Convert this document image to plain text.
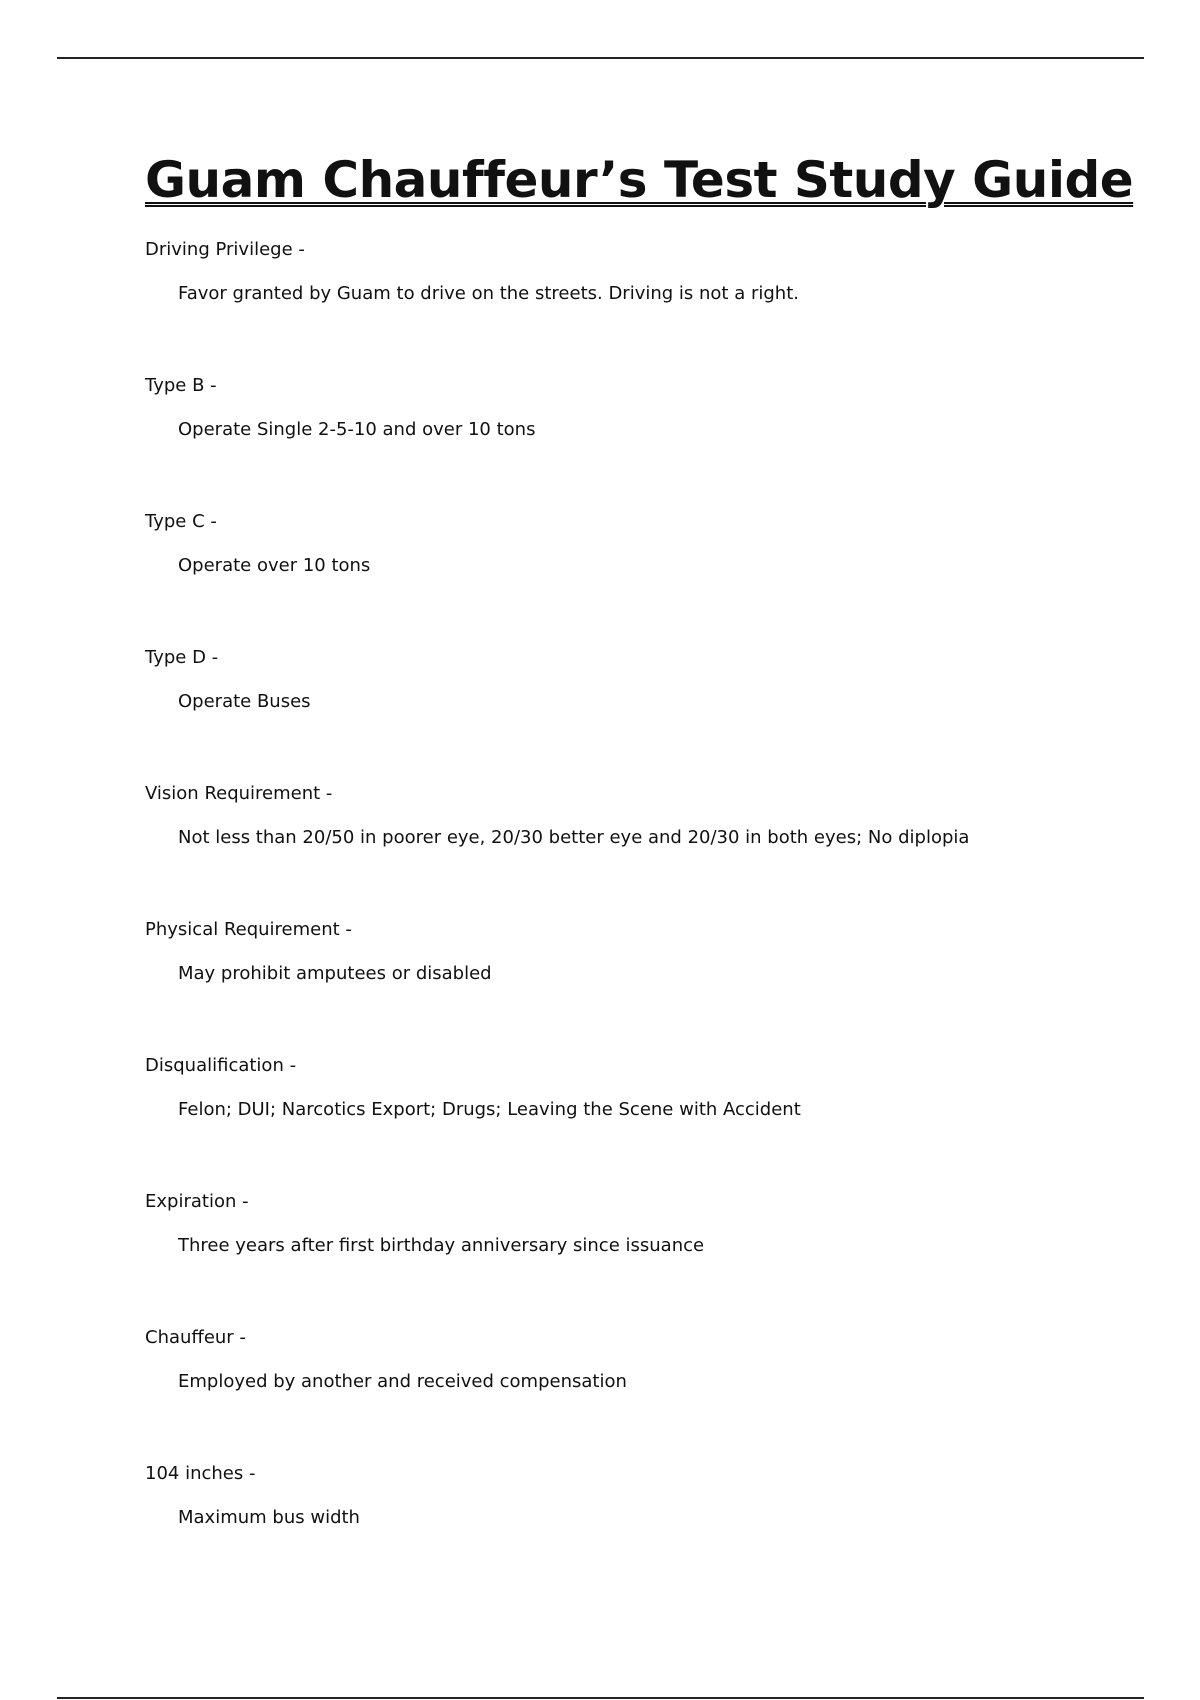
Guam Chauffeur’s Test Study Guide
Driving Privilege -
Favor granted by Guam to drive on the streets. Driving is not a right.
Type B -
Operate Single 2-5-10 and over 10 tons
Type C -
Operate over 10 tons
Type D -
Operate Buses
Vision Requirement -
Not less than 20/50 in poorer eye, 20/30 better eye and 20/30 in both eyes; No diplopia
Physical Requirement -
May prohibit amputees or disabled
Disqualification -
Felon; DUI; Narcotics Export; Drugs; Leaving the Scene with Accident
Expiration -
Three years after first birthday anniversary since issuance
Chauffeur -
Employed by another and received compensation
104 inches -
Maximum bus width
